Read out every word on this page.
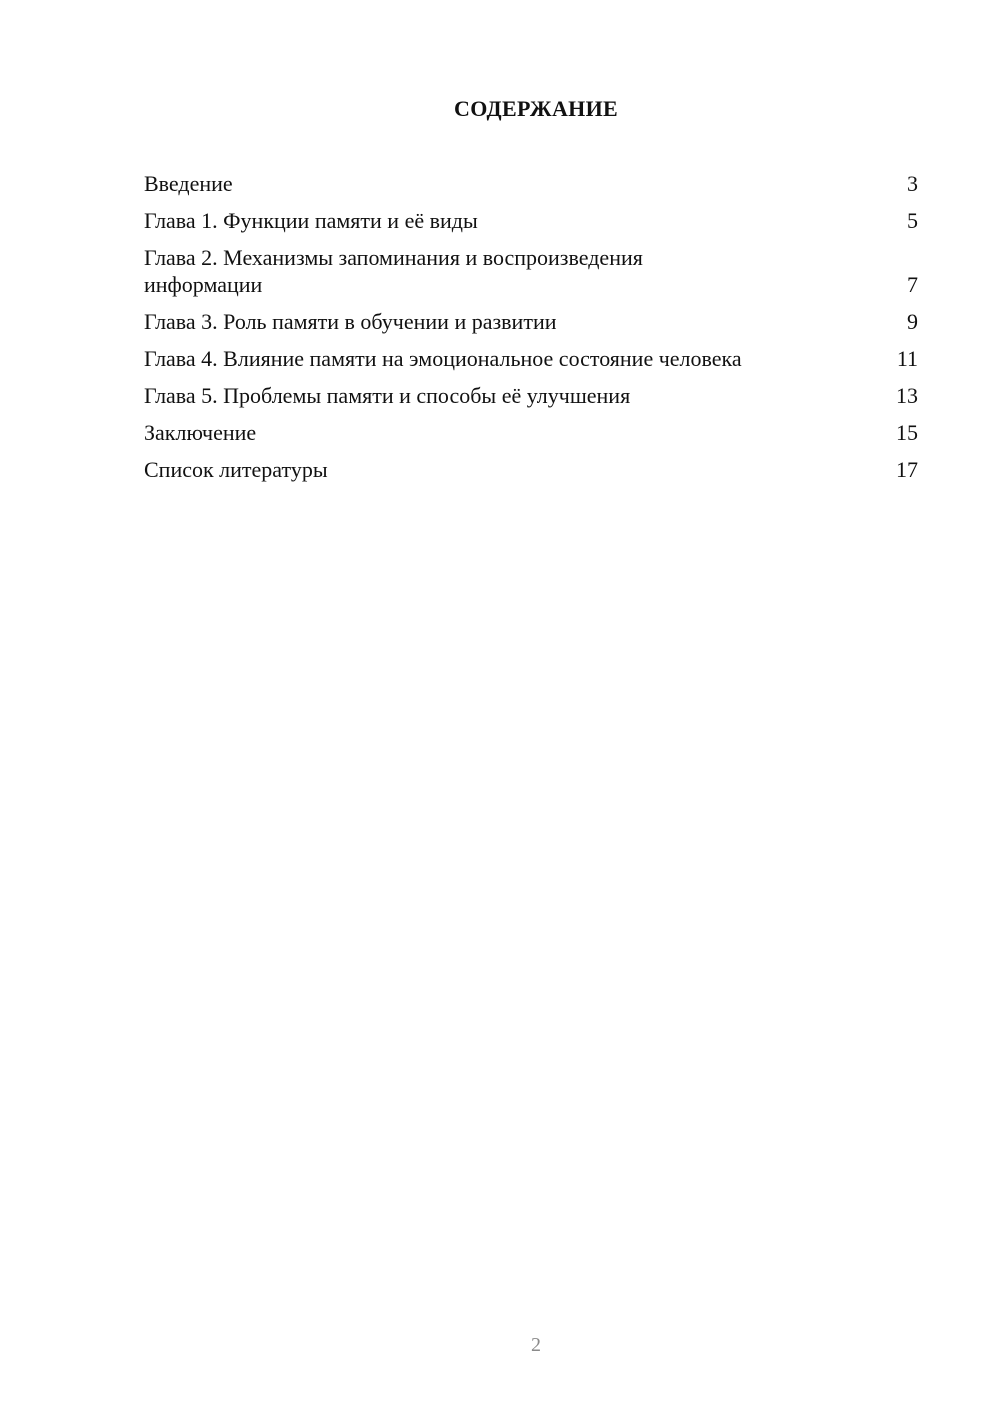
СОДЕРЖАНИЕ
Введение	3
Глава 1. Функции памяти и её виды	5
Глава 2. Механизмы запоминания и воспроизведения информации	7
Глава 3. Роль памяти в обучении и развитии	9
Глава 4. Влияние памяти на эмоциональное состояние человека	11
Глава 5. Проблемы памяти и способы её улучшения	13
Заключение	15
Список литературы	17
2
